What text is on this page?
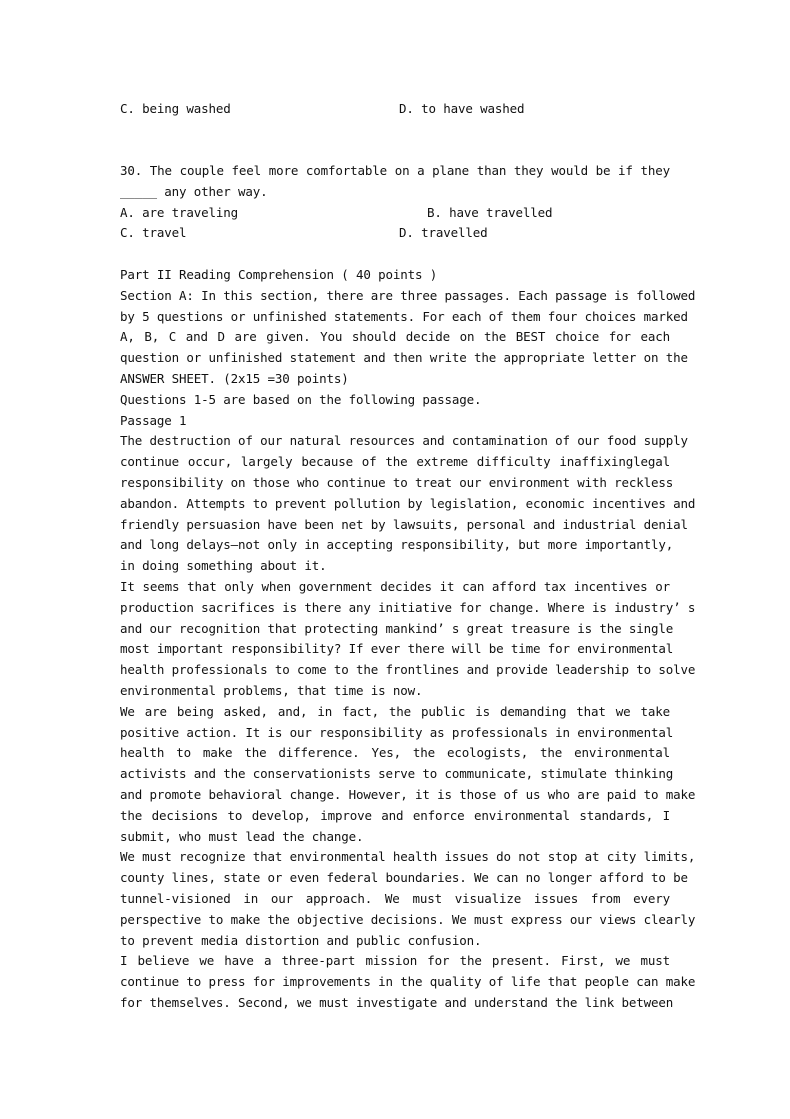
C. being washed	D. to have washed
30. The couple feel more comfortable on a plane than they would be if they
_____ any other way.
A. are traveling	B. have travelled
C. travel	D. travelled
Part II Reading Comprehension ( 40 points )
Section A: In this section, there are three passages. Each passage is followed
by 5 questions or unfinished statements. For each of them four choices marked
A, B, C and D are given. You should decide on the BEST choice for each
question or unfinished statement and then write the appropriate letter on the
ANSWER SHEET. (2x15 =30 points)
Questions 1-5 are based on the following passage.
Passage 1
The destruction of our natural resources and contamination of our food supply
continue occur, largely because of the extreme difficulty inaffixinglegal
responsibility on those who continue to treat our environment with reckless
abandon. Attempts to prevent pollution by legislation, economic incentives and
friendly persuasion have been net by lawsuits, personal and industrial denial
and long delays—not only in accepting responsibility, but more importantly,
in doing something about it.
It seems that only when government decides it can afford tax incentives or
production sacrifices is there any initiative for change. Where is industry’ s
and our recognition that protecting mankind’ s great treasure is the single
most important responsibility? If ever there will be time for environmental
health professionals to come to the frontlines and provide leadership to solve
environmental problems, that time is now.
We are being asked, and, in fact, the public is demanding that we take
positive action. It is our responsibility as professionals in environmental
health to make the difference. Yes, the ecologists, the environmental
activists and the conservationists serve to communicate, stimulate thinking
and promote behavioral change. However, it is those of us who are paid to make
the decisions to develop, improve and enforce environmental standards, I
submit, who must lead the change.
We must recognize that environmental health issues do not stop at city limits,
county lines, state or even federal boundaries. We can no longer afford to be
tunnel-visioned in our approach. We must visualize issues from every
perspective to make the objective decisions. We must express our views clearly
to prevent media distortion and public confusion.
I believe we have a three-part mission for the present. First, we must
continue to press for improvements in the quality of life that people can make
for themselves. Second, we must investigate and understand the link between
